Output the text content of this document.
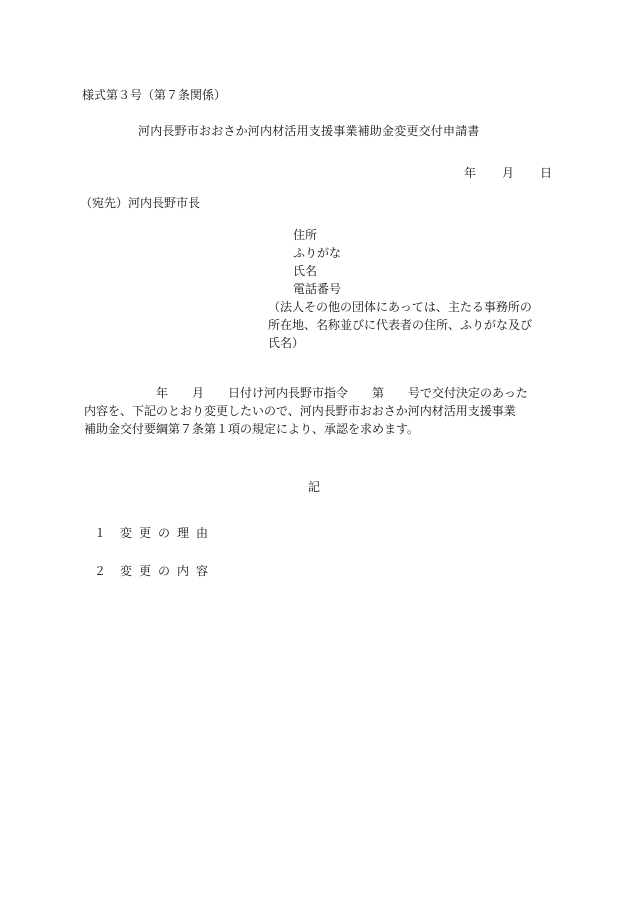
様式第３号（第７条関係）
河内長野市おおさか河内材活用支援事業補助金変更交付申請書
年 月 日
（宛先）河内長野市長
住所
ふりがな
氏名
電話番号
（法人その他の団体にあっては、主たる事務所の
所在地、名称並びに代表者の住所、ふりがな及び
氏名）
年　　月　　日付け河内長野市指令　　第　　号で交付決定のあった
内容を、下記のとおり変更したいので、河内長野市おおさか河内材活用支援事業
補助金交付要綱第７条第１項の規定により、承認を求めます。
記
１ 変更の理由
２ 変更の内容
